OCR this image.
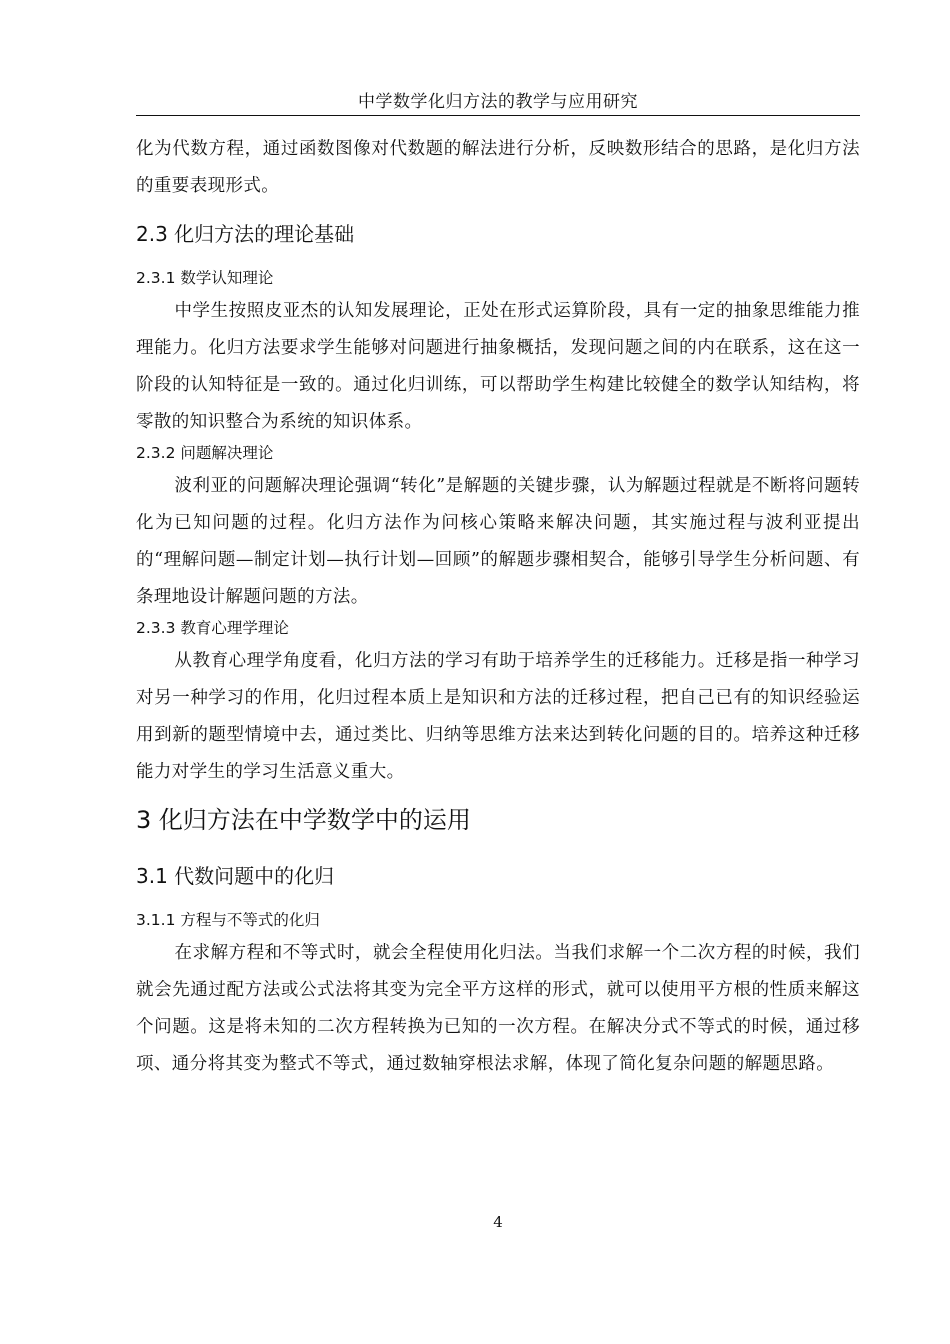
中学数学化归方法的教学与应用研究

化为代数方程，通过函数图像对代数题的解法进行分析，反映数形结合的思路，是化归方法的重要表现形式。

2.3 化归方法的理论基础
2.3.1 数学认知理论

中学生按照皮亚杰的认知发展理论，正处在形式运算阶段，具有一定的抽象思维能力推理能力。化归方法要求学生能够对问题进行抽象概括，发现问题之间的内在联系，这在这一阶段的认知特征是一致的。通过化归训练，可以帮助学生构建比较健全的数学认知结构，将零散的知识整合为系统的知识体系。

2.3.2 问题解决理论

波利亚的问题解决理论强调“转化”是解题的关键步骤，认为解题过程就是不断将问题转化为已知问题的过程。化归方法作为问核心策略来解决问题，其实施过程与波利亚提出的“理解问题—制定计划—执行计划—回顾”的解题步骤相契合，能够引导学生分析问题、有条理地设计解题问题的方法。

2.3.3 教育心理学理论

从教育心理学角度看，化归方法的学习有助于培养学生的迁移能力。迁移是指一种学习对另一种学习的作用，化归过程本质上是知识和方法的迁移过程，把自己已有的知识经验运用到新的题型情境中去，通过类比、归纳等思维方法来达到转化问题的目的。培养这种迁移能力对学生的学习生活意义重大。

3 化归方法在中学数学中的运用
3.1 代数问题中的化归
3.1.1 方程与不等式的化归

在求解方程和不等式时，就会全程使用化归法。当我们求解一个二次方程的时候，我们就会先通过配方法或公式法将其变为完全平方这样的形式，就可以使用平方根的性质来解这个问题。这是将未知的二次方程转换为已知的一次方程。在解决分式不等式的时候，通过移项、通分将其变为整式不等式，通过数轴穿根法求解，体现了简化复杂问题的解题思路。

4
